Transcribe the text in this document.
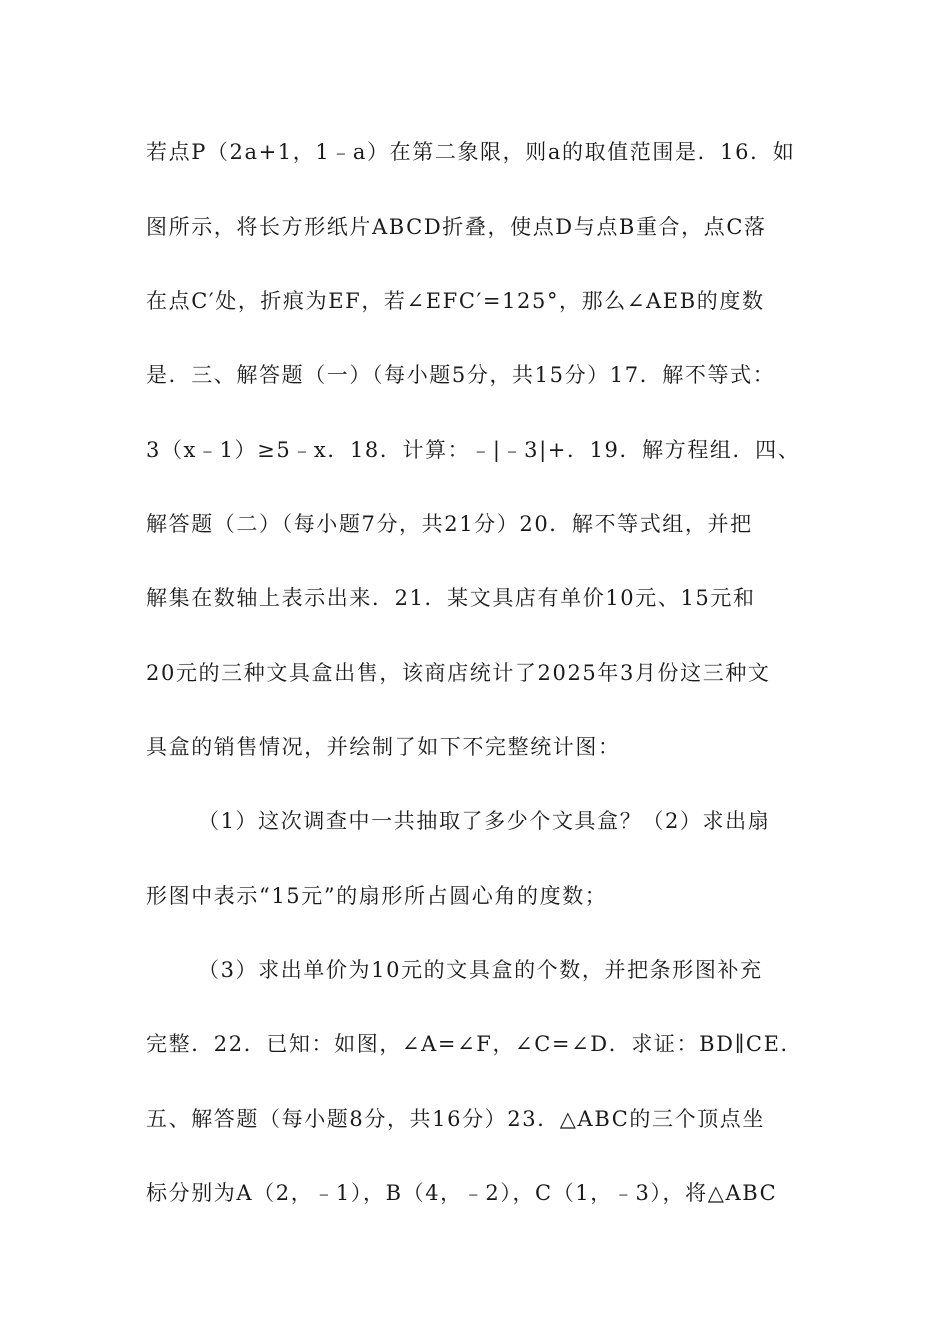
若点P（2a+1，1﹣a）在第二象限，则a的取值范围是．16．如

图所示，将长方形纸片ABCD折叠，使点D与点B重合，点C落

在点C′处，折痕为EF，若∠EFC′=125°，那么∠AEB的度数

是．三、解答题（一）（每小题5分，共15分）17．解不等式：

3（x﹣1）≥5﹣x．18．计算：﹣|﹣3|+．19．解方程组．四、

解答题（二）（每小题7分，共21分）20．解不等式组，并把

解集在数轴上表示出来．21．某文具店有单价10元、15元和

20元的三种文具盒出售，该商店统计了2025年3月份这三种文

具盒的销售情况，并绘制了如下不完整统计图：

（1）这次调查中一共抽取了多少个文具盒？（2）求出扇

形图中表示“15元”的扇形所占圆心角的度数；

（3）求出单价为10元的文具盒的个数，并把条形图补充

完整．22．已知：如图，∠A=∠F，∠C=∠D．求证：BD∥CE．

五、解答题（每小题8分，共16分）23．△ABC的三个顶点坐

标分别为A（2，﹣1），B（4，﹣2），C（1，﹣3），将△ABC
